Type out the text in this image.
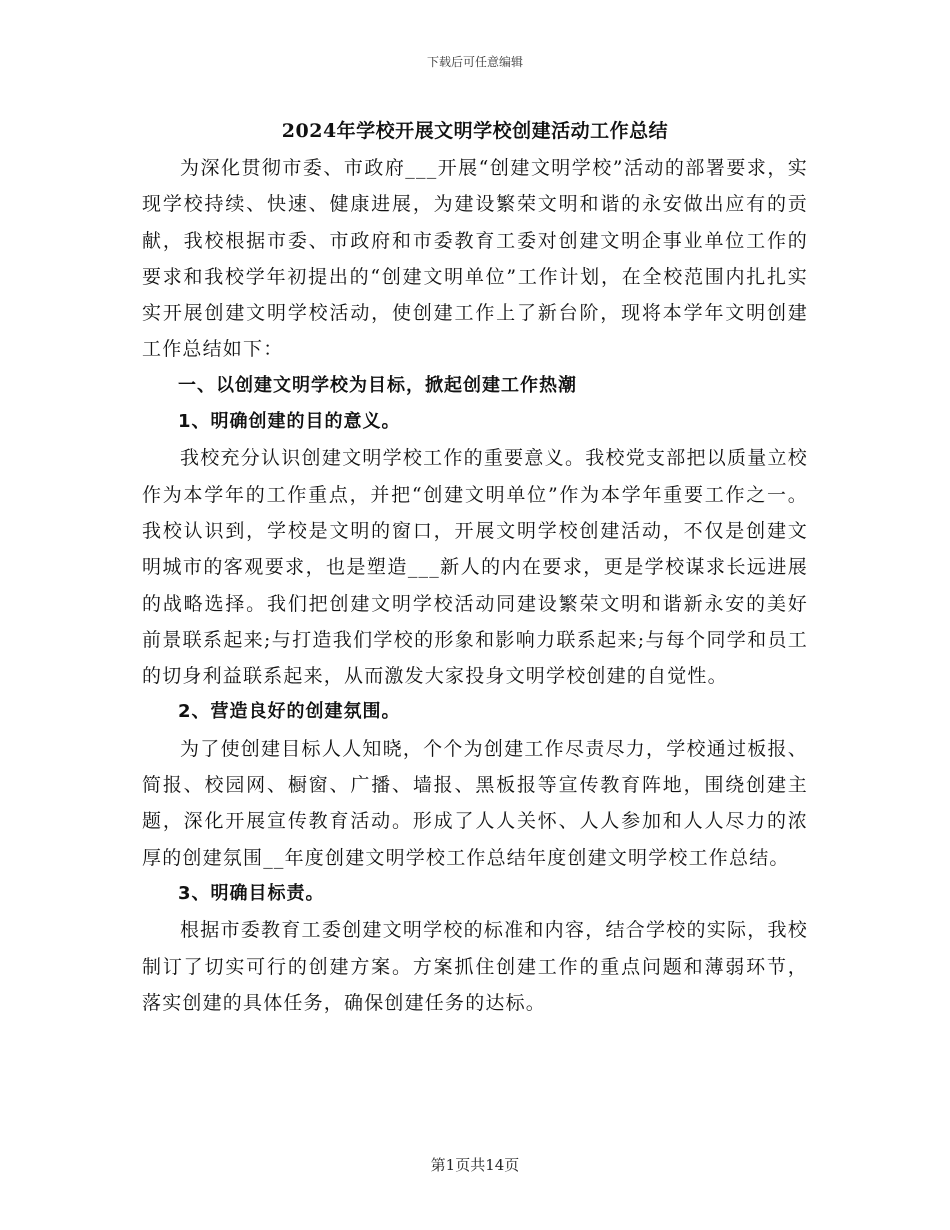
下载后可任意编辑
2024年学校开展文明学校创建活动工作总结

为深化贯彻市委、市政府___开展“创建文明学校”活动的部署要求，实现学校持续、快速、健康进展，为建设繁荣文明和谐的永安做出应有的贡献，我校根据市委、市政府和市委教育工委对创建文明企事业单位工作的要求和我校学年初提出的“创建文明单位”工作计划，在全校范围内扎扎实实开展创建文明学校活动，使创建工作上了新台阶，现将本学年文明创建工作总结如下：

一、以创建文明学校为目标，掀起创建工作热潮

1、明确创建的目的意义。

我校充分认识创建文明学校工作的重要意义。我校党支部把以质量立校作为本学年的工作重点，并把“创建文明单位”作为本学年重要工作之一。我校认识到，学校是文明的窗口，开展文明学校创建活动，不仅是创建文明城市的客观要求，也是塑造___新人的内在要求，更是学校谋求长远进展的战略选择。我们把创建文明学校活动同建设繁荣文明和谐新永安的美好前景联系起来;与打造我们学校的形象和影响力联系起来;与每个同学和员工的切身利益联系起来，从而激发大家投身文明学校创建的自觉性。

2、营造良好的创建氛围。

为了使创建目标人人知晓，个个为创建工作尽责尽力，学校通过板报、简报、校园网、橱窗、广播、墙报、黑板报等宣传教育阵地，围绕创建主题，深化开展宣传教育活动。形成了人人关怀、人人参加和人人尽力的浓厚的创建氛围__年度创建文明学校工作总结年度创建文明学校工作总结。

3、明确目标责。

根据市委教育工委创建文明学校的标准和内容，结合学校的实际，我校制订了切实可行的创建方案。方案抓住创建工作的重点问题和薄弱环节，落实创建的具体任务，确保创建任务的达标。

第1页共14页
